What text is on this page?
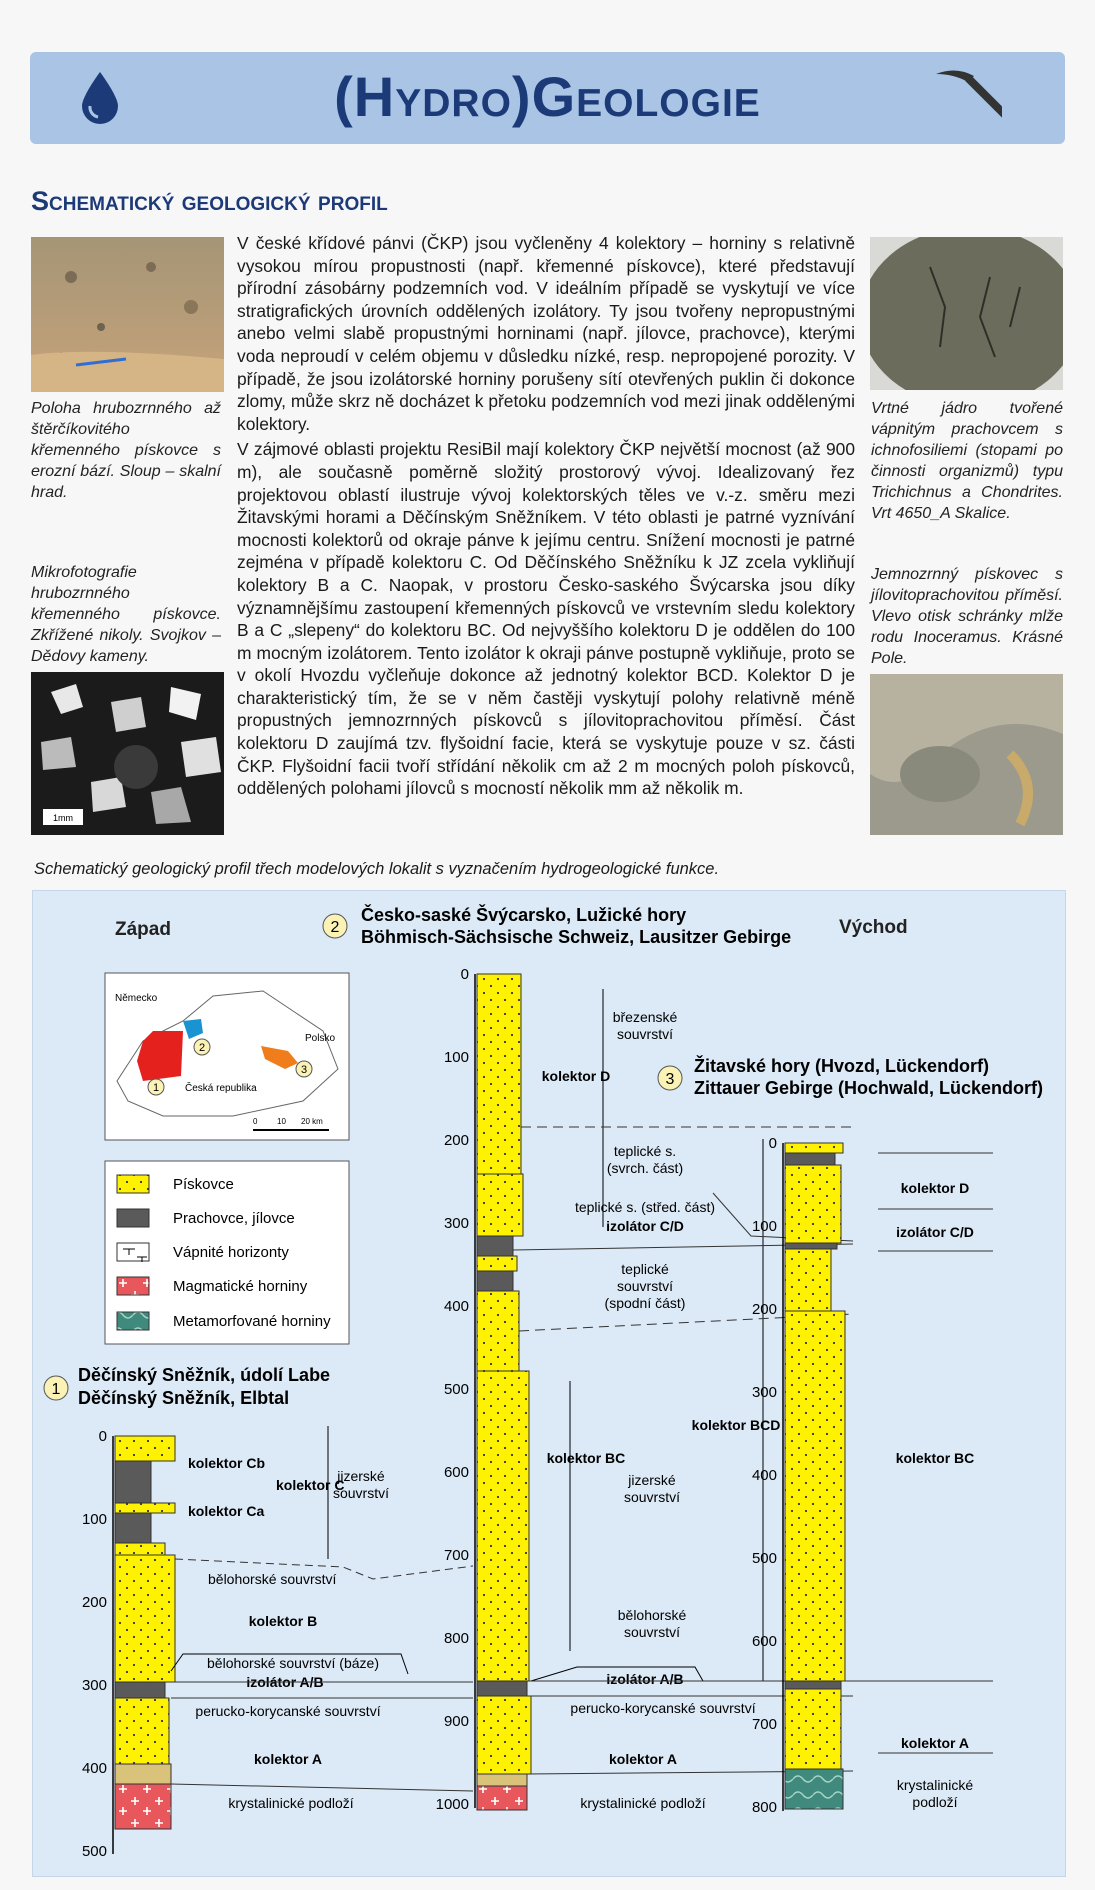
(Hydro)Geologie
Schematický geologický profil
Poloha hrubozrnného až štěrčíkovitého křemenného pískovce s erozní bází. Sloup – skalní hrad.
Mikrofotografie hrubozrnného křemenného pískovce. Zkřížené nikoly. Svojkov – Dědovy kameny.
1mm
Vrtné jádro tvořené vápnitým prachovcem s ichnofosiliemi (stopami po činnosti organizmů) typu Trichichnus a Chondrites. Vrt 4650_A Skalice.
Jemnozrnný pískovec s jílovitoprachovitou příměsí. Vlevo otisk schránky mlže rodu Inoceramus. Krásné Pole.

V české křídové pánvi (ČKP) jsou vyčleněny 4 kolektory – horniny s relativně vysokou mírou propustnosti (např. křemenné pískovce), které představují přírodní zásobárny podzemních vod. V ideálním případě se vyskytují ve více stratigrafických úrovních oddělených izolátory. Ty jsou tvořeny nepropustnými anebo velmi slabě propustnými horninami (např. jílovce, prachovce), kterými voda neproudí v celém objemu v důsledku nízké, resp. nepropojené porozity. V případě, že jsou izolátorské horniny porušeny sítí otevřených puklin či dokonce zlomy, může skrz ně docházet k přetoku podzemních vod mezi jinak oddělenými kolektory.

V zájmové oblasti projektu ResiBil mají kolektory ČKP největší mocnost (až 900 m), ale současně poměrně složitý prostorový vývoj. Idealizovaný řez projektovou oblastí ilustruje vývoj kolektorských těles ve v.-z. směru mezi Žitavskými horami a Děčínským Sněžníkem. V této oblasti je patrné vyznívání mocnosti kolektorů od okraje pánve k jejímu centru. Snížení mocnosti je patrné zejména v případě kolektoru C. Od Děčínského Sněžníku k JZ zcela vykliňují kolektory B a C. Naopak, v prostoru Česko-saského Švýcarska jsou díky významnějšímu zastoupení křemenných pískovců ve vrstevním sledu kolektory B a C „slepeny“ do kolektoru BC. Od nejvyššího kolektoru D je oddělen do 100 m mocným izolátorem. Tento izolátor k okraji pánve postupně vykliňuje, proto se v okolí Hvozdu vyčleňuje dokonce až jednotný kolektor BCD. Kolektor D je charakteristický tím, že se v něm častěji vyskytují polohy relativně méně propustných jemnozrnných pískovců s jílovitoprachovitou příměsí. Část kolektoru D zaujímá tzv. flyšoidní facie, která se vyskytuje pouze v sz. části ČKP. Flyšoidní facii tvoří střídání několik cm až 2 m mocných poloh pískovců, oddělených polohami jílovců s mocností několik mm až několik m.

Schematický geologický profil třech modelových lokalit s vyznačením hydrogeologické funkce.
Západ	Východ
2
Česko-saské Švýcarsko, Lužické hory
Böhmisch-Sächsische Schweiz, Lausitzer Gebirge
3
Žitavské hory (Hvozd, Lückendorf)
Zittauer Gebirge (Hochwald, Lückendorf)
1
Děčínský Sněžník, údolí Labe
Děčínský Sněžník, Elbtal
Německo
Polsko
Česká republika
1
2
3
0 10 20 km
Pískovce
Prachovce, jílovce
Vápnité horizonty
Magmatické horniny
Metamorfované horniny
0
100
200
300
400
500
kolektor Cb
kolektor Ca
kolektor C
jizerské
souvrství
bělohorské souvrství
kolektor B
bělohorské souvrství (báze)
izolátor A/B
perucko-korycanské souvrství
kolektor A
krystalinické podloží
0
100
200
300
400
500
600
700
800
900
1000
březenské
souvrství
kolektor D
teplické s.
(svrch. část)
teplické s. (střed. část)
izolátor C/D
teplické
souvrství
(spodní část)
kolektor BC
kolektor BCD
jizerské
souvrství
bělohorské
souvrství
izolátor A/B
perucko-korycanské souvrství
kolektor A
krystalinické podloží
0
100
200
300
400
500
600
700
800
kolektor D
izolátor C/D
kolektor BC
kolektor A
krystalinické
podloží
